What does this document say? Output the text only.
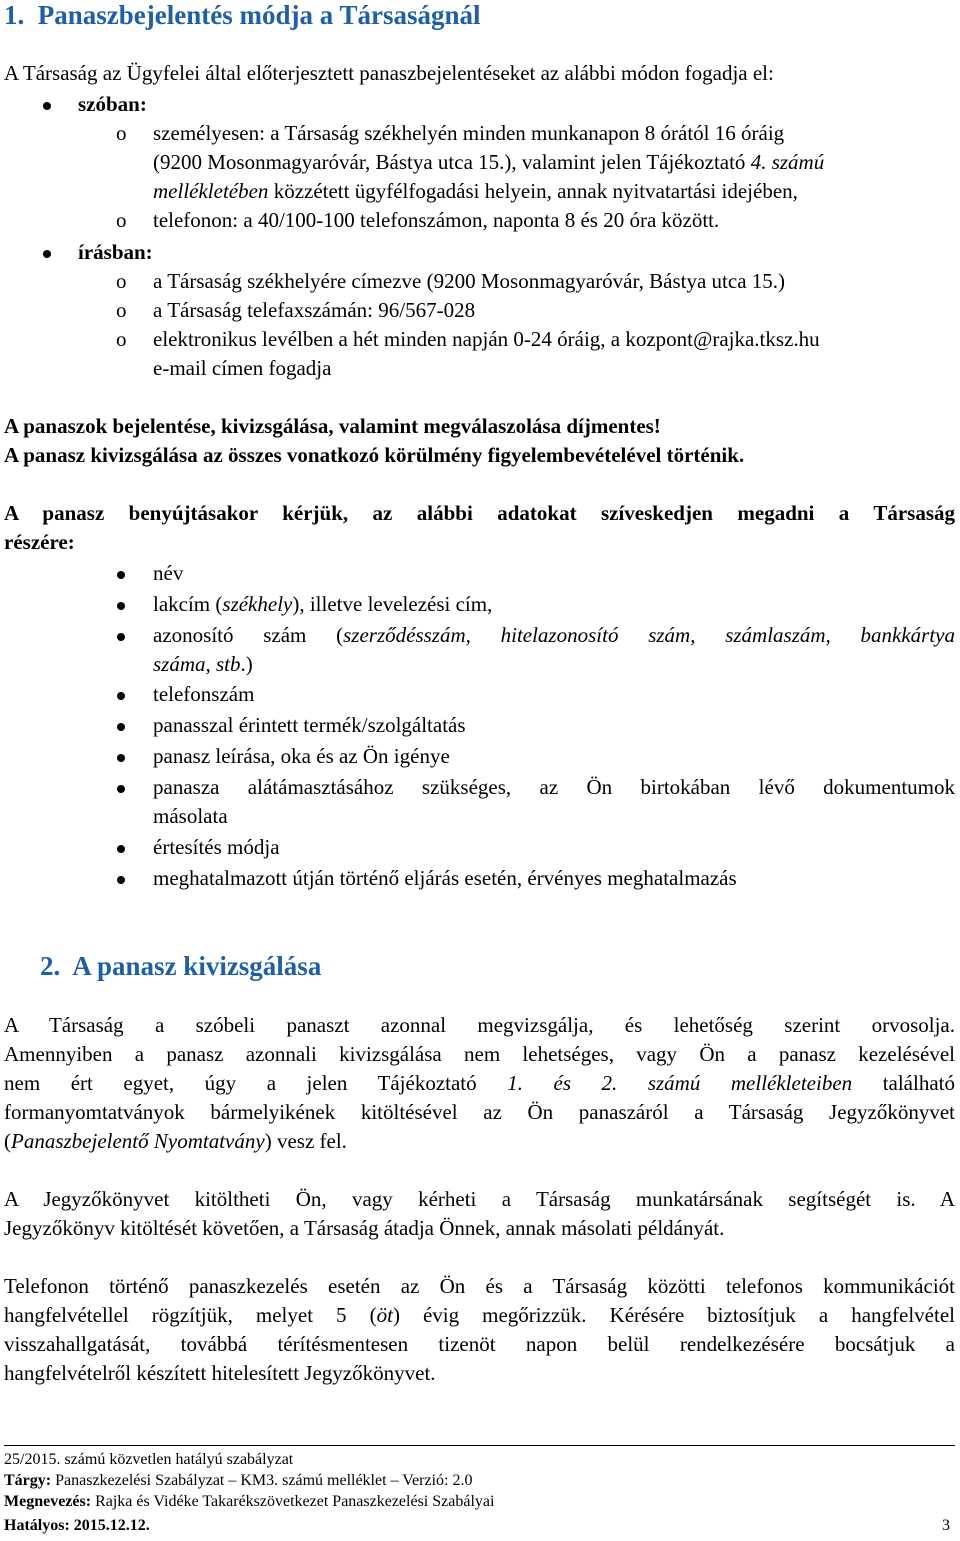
1. Panaszbejelentés módja a Társaságnál
A Társaság az Ügyfelei által előterjesztett panaszbejelentéseket az alábbi módon fogadja el:
szóban:
o személyesen: a Társaság székhelyén minden munkanapon 8 órától 16 óráig
(9200 Mosonmagyaróvár, Bástya utca 15.), valamint jelen Tájékoztató 4. számú
mellékletében közzétett ügyfélfogadási helyein, annak nyitvatartási idejében,
o telefonon: a 40/100-100 telefonszámon, naponta 8 és 20 óra között.
írásban:
o a Társaság székhelyére címezve (9200 Mosonmagyaróvár, Bástya utca 15.)
o a Társaság telefaxszámán: 96/567-028
o elektronikus levélben a hét minden napján 0-24 óráig, a kozpont@rajka.tksz.hu
e-mail címen fogadja
A panaszok bejelentése, kivizsgálása, valamint megválaszolása díjmentes!
A panasz kivizsgálása az összes vonatkozó körülmény figyelembevételével történik.
A panasz benyújtásakor kérjük, az alábbi adatokat szíveskedjen megadni a Társaság
részére:
név
lakcím (székhely), illetve levelezési cím,
azonosító szám (szerződésszám, hitelazonosító szám, számlaszám, bankkártya
száma, stb.)
telefonszám
panasszal érintett termék/szolgáltatás
panasz leírása, oka és az Ön igénye
panasza alátámasztásához szükséges, az Ön birtokában lévő dokumentumok
másolata
értesítés módja
meghatalmazott útján történő eljárás esetén, érvényes meghatalmazás
2. A panasz kivizsgálása
A Társaság a szóbeli panaszt azonnal megvizsgálja, és lehetőség szerint orvosolja.
Amennyiben a panasz azonnali kivizsgálása nem lehetséges, vagy Ön a panasz kezelésével
nem ért egyet, úgy a jelen Tájékoztató 1. és 2. számú mellékleteiben található
formanyomtatványok bármelyikének kitöltésével az Ön panaszáról a Társaság Jegyzőkönyvet
(Panaszbejelentő Nyomtatvány) vesz fel.
A Jegyzőkönyvet kitöltheti Ön, vagy kérheti a Társaság munkatársának segítségét is. A
Jegyzőkönyv kitöltését követően, a Társaság átadja Önnek, annak másolati példányát.
Telefonon történő panaszkezelés esetén az Ön és a Társaság közötti telefonos kommunikációt
hangfelvétellel rögzítjük, melyet 5 (öt) évig megőrizzük. Kérésére biztosítjuk a hangfelvétel
visszahallgatását, továbbá térítésmentesen tizenöt napon belül rendelkezésére bocsátjuk a
hangfelvételről készített hitelesített Jegyzőkönyvet.
25/2015. számú közvetlen hatályú szabályzat
Tárgy: Panaszkezelési Szabályzat – KM3. számú melléklet – Verzió: 2.0
Megnevezés: Rajka és Vidéke Takarékszövetkezet Panaszkezelési Szabályai
Hatályos: 2015.12.12.	3
